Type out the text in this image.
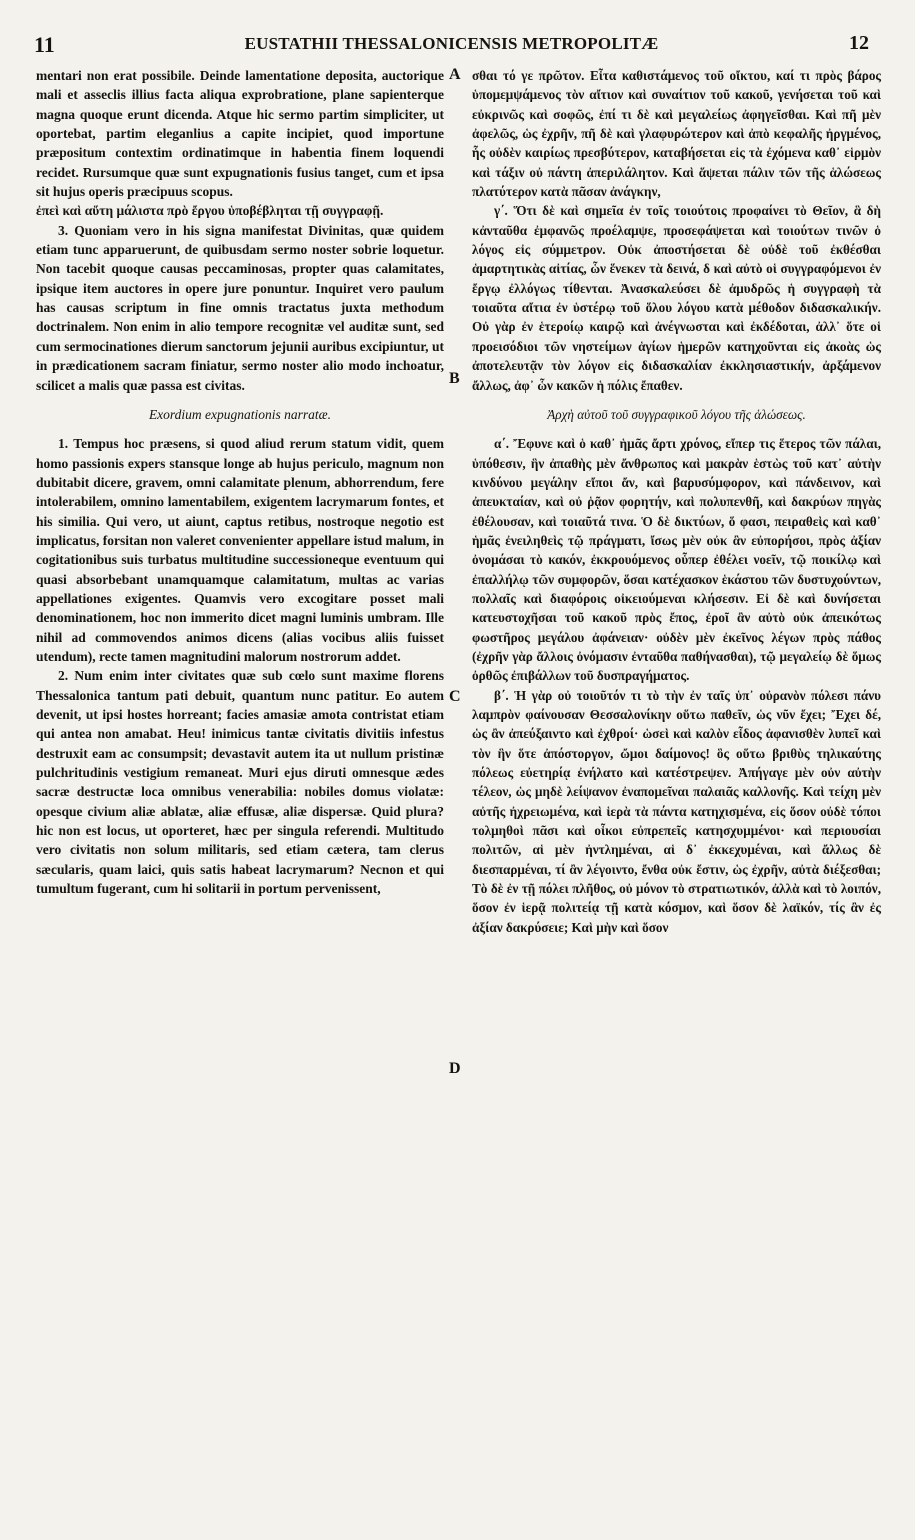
11	EUSTATHII THESSALONICENSIS METROPOLITÆ	12

mentari non erat possibile. Deinde lamentatione deposita, auctorique mali et asseclis illius facta aliqua exprobratione, plane sapienterque magna quoque erunt dicenda. Atque hic sermo partim simpliciter, ut oportebat, partim eleganlius a capite incipiet, quod importune præpositum contextim ordinatimque in habentia finem loquendi recidet. Rursumque quæ sunt expugnationis fusius tanget, cum et ipsa sit hujus operis præcipuus scopus.

ἐπεὶ καὶ αὕτη μάλιστα πρὸ ἔργου ὑποβέβληται τῇ συγγραφῇ.

3. Quoniam vero in his signa manifestat Divinitas, quæ quidem etiam tunc apparuerunt, de quibusdam sermo noster sobrie loquetur. Non tacebit quoque causas peccaminosas, propter quas calamitates, ipsique item auctores in opere jure ponuntur. Inquiret vero paulum has causas scriptum in fine omnis tractatus juxta methodum doctrinalem. Non enim in alio tempore recognitæ vel auditæ sunt, sed cum sermocinationes dierum sanctorum jejunii auribus excipiuntur, ut in prædicationem sacram finiatur, sermo noster alio modo inchoatur, scilicet a malis quæ passa est civitas.

Exordium expugnationis narratæ.

1. Tempus hoc præsens, si quod aliud rerum statum vidit, quem homo passionis expers stansque longe ab hujus periculo, magnum non dubitabit dicere, gravem, omni calamitate plenum, abhorrendum, fere intolerabilem, omnino lamentabilem, exigentem lacrymarum fontes, et his similia. Qui vero, ut aiunt, captus retibus, nostroque negotio est implicatus, forsitan non valeret convenienter appellare istud malum, in cogitationibus suis turbatus multitudine successioneque eventuum qui quasi absorbebant unamquamque calamitatum, multas ac varias appellationes exigentes. Quamvis vero excogitare posset mali denominationem, hoc non immerito dicet magni luminis umbram. Ille nihil ad commovendos animos dicens (alias vocibus aliis fuisset utendum), recte tamen magnitudini malorum nostrorum addet.

2. Num enim inter civitates quæ sub cœlo sunt maxime florens Thessalonica tantum pati debuit, quantum nunc patitur. Eo autem devenit, ut ipsi hostes horreant; facies amasiæ amota contristat etiam qui antea non amabat. Heu! inimicus tantæ civitatis divitiis infestus destruxit eam ac consumpsit; devastavit autem ita ut nullum pristinæ pulchritudinis vestigium remaneat. Muri ejus diruti omnesque ædes sacræ destructæ loca omnibus venerabilia: nobiles domus violatæ: opesque civium aliæ ablatæ, aliæ effusæ, aliæ dispersæ. Quid plura? hic non est locus, ut oporteret, hæc per singula referendi. Multitudo vero civitatis non solum militaris, sed etiam cætera, tam clerus sæcularis, quam laici, quis satis habeat lacrymarum? Necnon et qui tumultum fugerant, cum hi solitarii in portum pervenissent,

A
B
C
D

σθαι τό γε πρῶτον. Εἶτα καθιστάμενος τοῦ οἴκτου, καί τι πρὸς βάρος ὑπομεμψάμενος τὸν αἴτιον καὶ συναίτιον τοῦ κακοῦ, γενήσεται τοῦ καὶ εὐκρινῶς καὶ σοφῶς, ἐπί τι δὲ καὶ μεγαλείως ἀφηγεῖσθαι. Καὶ πῆ μὲν ἀφελῶς, ὡς ἐχρῆν, πῆ δὲ καὶ γλαφυρώτερον καὶ ἀπὸ κεφαλῆς ἠργμένος, ἧς οὐδὲν καιρίως πρεσβύτερον, καταβήσεται εἰς τὰ ἐχόμενα καθ᾽ εἱρμὸν καὶ τάξιν οὐ πάντη ἀπεριλάλητον. Καὶ ἅψεται πάλιν τῶν τῆς ἁλώσεως πλατύτερον κατὰ πᾶσαν ἀνάγκην,

γ΄. Ὅτι δὲ καὶ σημεῖα ἐν τοῖς τοιούτοις προφαίνει τὸ Θεῖον, ἃ δὴ κἀνταῦθα ἐμφανῶς προέλαμψε, προσεφάψεται καὶ τοιούτων τινῶν ὁ λόγος εἰς σύμμετρον. Οὐκ ἀποστήσεται δὲ οὐδὲ τοῦ ἐκθέσθαι ἁμαρτητικὰς αἰτίας, ὧν ἕνεκεν τὰ δεινά, δ καὶ αὐτὸ οἱ συγγραφόμενοι ἐν ἔργῳ ἐλλόγως τίθενται. Ἀνασκαλεύσει δὲ ἀμυδρῶς ἡ συγγραφὴ τὰ τοιαῦτα αἴτια ἐν ὑστέρῳ τοῦ ὅλου λόγου κατὰ μέθοδον διδασκαλικήν. Οὐ γὰρ ἐν ἑτεροίῳ καιρῷ καὶ ἀνέγνωσται καὶ ἐκδέδοται, ἀλλ᾽ ὅτε οἱ προεισόδιοι τῶν νηστείμων ἁγίων ἡμερῶν κατηχοῦνται εἰς ἀκοὰς ὡς ἀποτελευτᾷν τὸν λόγον εἰς διδασκαλίαν ἐκκλησιαστικήν, ἀρξάμενον ἄλλως, ἀφ᾽ ὧν κακῶν ἡ πόλις ἔπαθεν.

Ἀρχὴ αὐτοῦ τοῦ συγγραφικοῦ λόγου τῆς ἁλώσεως.

α΄. Ἔφυνε καὶ ὁ καθ᾽ ἡμᾶς ἄρτι χρόνος, εἴπερ τις ἕτερος τῶν πάλαι, ὑπόθεσιν, ἣν ἀπαθὴς μὲν ἄνθρωπος καὶ μακρὰν ἑστὼς τοῦ κατ᾽ αὐτὴν κινδύνου μεγάλην εἴποι ἄν, καὶ βαρυσύμφορον, καὶ πάνδεινον, καὶ ἀπευκταίαν, καὶ οὐ ῥᾷον φορητήν, καὶ πολυπενθῆ, καὶ δακρύων πηγὰς ἐθέλουσαν, καὶ τοιαῦτά τινα. Ὁ δὲ δικτύων, ὅ φασι, πειραθεὶς καὶ καθ᾽ ἡμᾶς ἐνειληθεὶς τῷ πράγματι, ἴσως μὲν οὐκ ἂν εὐπορήσοι, πρὸς ἀξίαν ὀνομάσαι τὸ κακόν, ἐκκρουόμενος οὗπερ ἐθέλει νοεῖν, τῷ ποικίλῳ καὶ ἐπαλλήλῳ τῶν συμφορῶν, ὅσαι κατέχασκον ἑκάστου τῶν δυστυχούντων, πολλαῖς καὶ διαφόροις οἰκειούμεναι κλήσεσιν. Εἰ δὲ καὶ δυνήσεται κατευστοχῆσαι τοῦ κακοῦ πρὸς ἔπος, ἐροῖ ἂν αὐτὸ οὐκ ἀπεικότως φωστῆρος μεγάλου ἀφάνειαν· οὐδὲν μὲν ἐκεῖνος λέγων πρὸς πάθος (ἐχρῆν γὰρ ἄλλοις ὀνόμασιν ἐνταῦθα παθήνασθαι), τῷ μεγαλείῳ δὲ ὅμως ὀρθῶς ἐπιβάλλων τοῦ δυσπραγήματος.

β΄. Ἡ γὰρ οὐ τοιοῦτόν τι τὸ τὴν ἐν ταῖς ὑπ᾽ οὐρανὸν πόλεσι πάνυ λαμπρὸν φαίνουσαν Θεσσαλονίκην οὕτω παθεῖν, ὡς νῦν ἔχει; Ἔχει δέ, ὡς ἂν ἀπεύξαιντο καὶ ἐχθροί· ὡσεὶ καὶ καλὸν εἶδος ἀφανισθὲν λυπεῖ καὶ τὸν ἣν ὅτε ἀπόστοργον, ὤμοι δαίμονος! ὃς οὕτω βριθὺς τηλικαύτης πόλεως εὐετηρίᾳ ἐνήλατο καὶ κατέστρεψεν. Ἀπήγαγε μὲν οὐν αὐτὴν τέλεον, ὡς μηδὲ λείψανον ἐναπομεῖναι παλαιᾶς καλλονῆς. Καὶ τείχη μὲν αὐτῆς ἠχρειωμένα, καὶ ἱερὰ τὰ πάντα κατηχισμένα, εἰς ὅσον οὐδὲ τόποι τολμηθοὶ πᾶσι καὶ οἶκοι εὐπρεπεῖς κατησχυμμένοι· καὶ περιουσίαι πολιτῶν, αἱ μὲν ἠντλημέναι, αἱ δ᾽ ἐκκεχυμέναι, καὶ ἄλλως δὲ διεσπαρμέναι, τί ἂν λέγοιντο, ἔνθα οὐκ ἔστιν, ὡς ἐχρῆν, αὐτὰ διέξεσθαι; Τὸ δὲ ἐν τῇ πόλει πλῆθος, οὐ μόνον τὸ στρατιωτικόν, ἀλλὰ καὶ τὸ λοιπόν, ὅσον ἐν ἱερᾷ πολιτείᾳ τῇ κατὰ κόσμον, καὶ ὅσον δὲ λαϊκόν, τίς ἂν ἐς ἀξίαν δακρύσειε; Καὶ μὴν καὶ ὅσον
